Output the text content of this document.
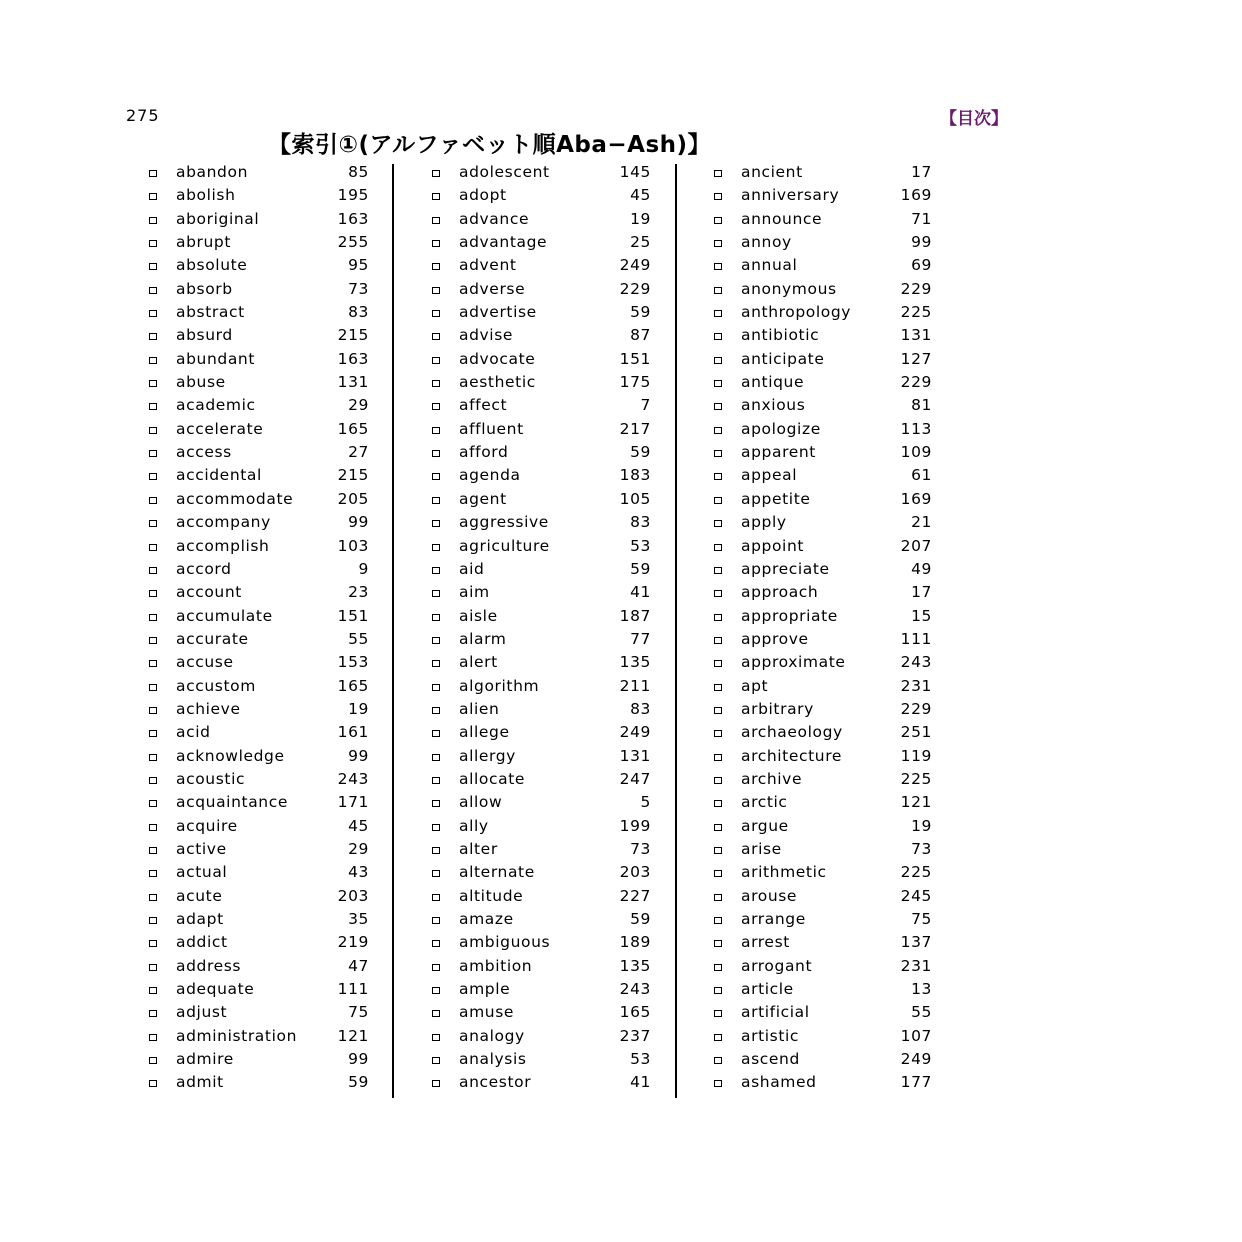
275	【目次】
【索引①(アルファベット順Aba−Ash)】
abandon	85
abolish	195
aboriginal	163
abrupt	255
absolute	95
absorb	73
abstract	83
absurd	215
abundant	163
abuse	131
academic	29
accelerate	165
access	27
accidental	215
accommodate	205
accompany	99
accomplish	103
accord	9
account	23
accumulate	151
accurate	55
accuse	153
accustom	165
achieve	19
acid	161
acknowledge	99
acoustic	243
acquaintance	171
acquire	45
active	29
actual	43
acute	203
adapt	35
addict	219
address	47
adequate	111
adjust	75
administration	121
admire	99
admit	59
adolescent	145
adopt	45
advance	19
advantage	25
advent	249
adverse	229
advertise	59
advise	87
advocate	151
aesthetic	175
affect	7
affluent	217
afford	59
agenda	183
agent	105
aggressive	83
agriculture	53
aid	59
aim	41
aisle	187
alarm	77
alert	135
algorithm	211
alien	83
allege	249
allergy	131
allocate	247
allow	5
ally	199
alter	73
alternate	203
altitude	227
amaze	59
ambiguous	189
ambition	135
ample	243
amuse	165
analogy	237
analysis	53
ancestor	41
ancient	17
anniversary	169
announce	71
annoy	99
annual	69
anonymous	229
anthropology	225
antibiotic	131
anticipate	127
antique	229
anxious	81
apologize	113
apparent	109
appeal	61
appetite	169
apply	21
appoint	207
appreciate	49
approach	17
appropriate	15
approve	111
approximate	243
apt	231
arbitrary	229
archaeology	251
architecture	119
archive	225
arctic	121
argue	19
arise	73
arithmetic	225
arouse	245
arrange	75
arrest	137
arrogant	231
article	13
artificial	55
artistic	107
ascend	249
ashamed	177
